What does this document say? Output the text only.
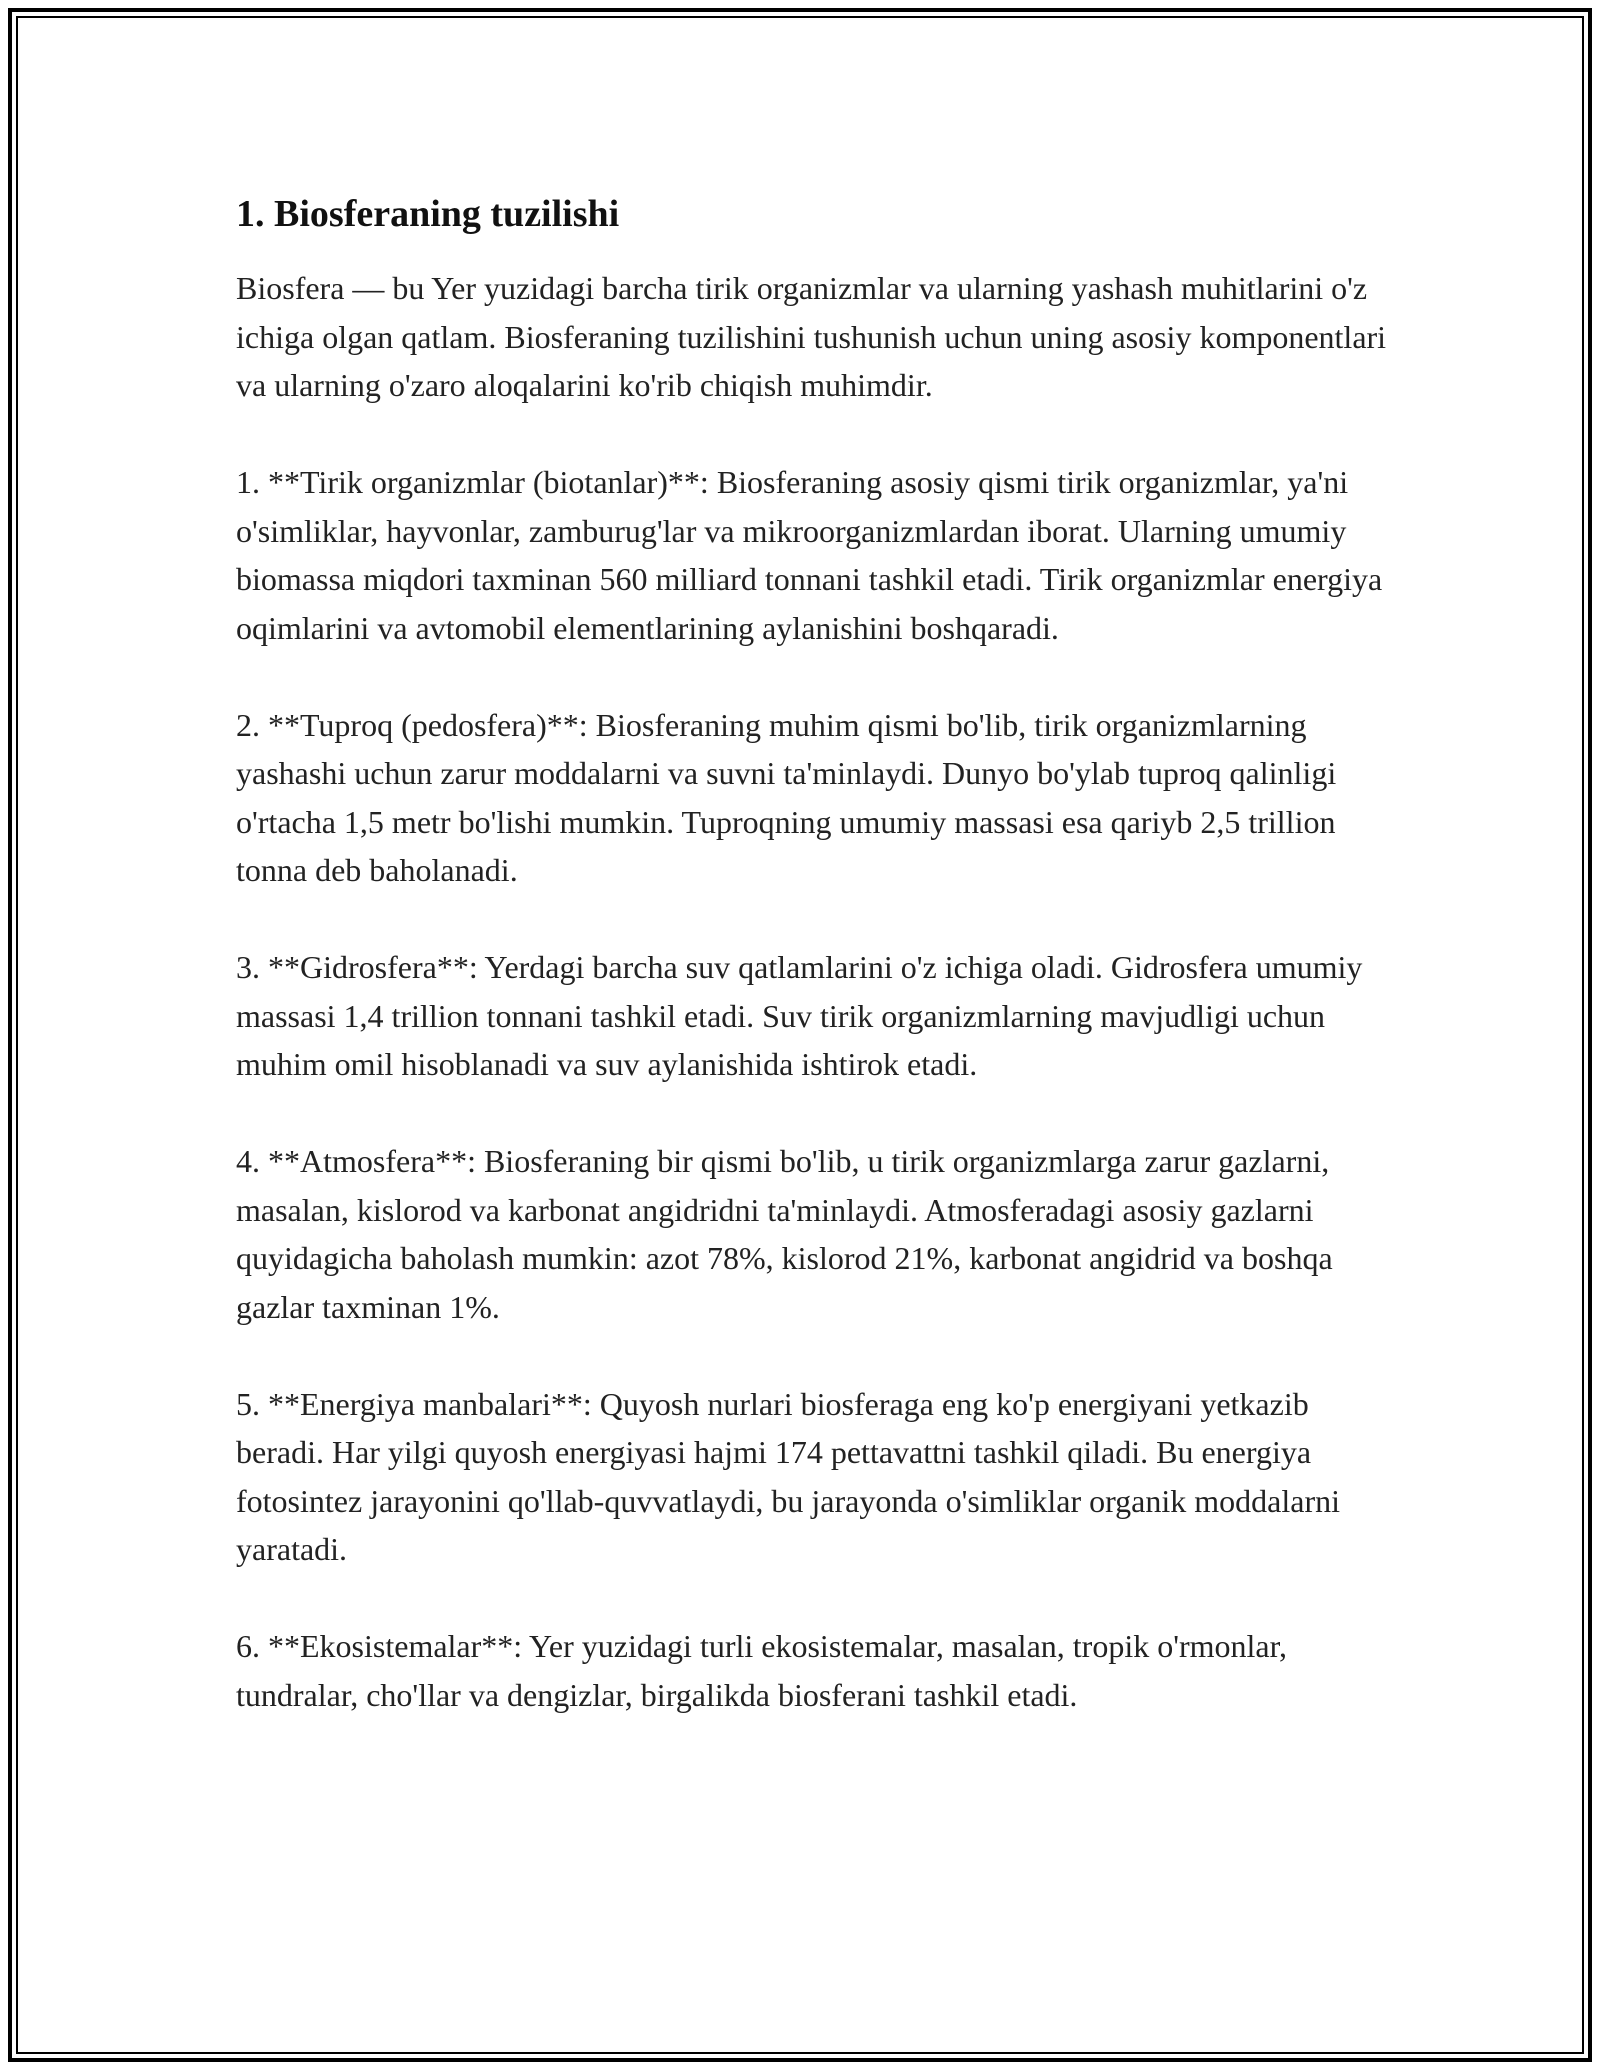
1. Biosferaning tuzilishi

Biosfera — bu Yer yuzidagi barcha tirik organizmlar va ularning yashash muhitlarini o'z ichiga olgan qatlam. Biosferaning tuzilishini tushunish uchun uning asosiy komponentlari va ularning o'zaro aloqalarini ko'rib chiqish muhimdir.

1. **Tirik organizmlar (biotanlar)**: Biosferaning asosiy qismi tirik organizmlar, ya'ni o'simliklar, hayvonlar, zamburug'lar va mikroorganizmlardan iborat. Ularning umumiy biomassa miqdori taxminan 560 milliard tonnani tashkil etadi. Tirik organizmlar energiya oqimlarini va avtomobil elementlarining aylanishini boshqaradi.

2. **Tuproq (pedosfera)**: Biosferaning muhim qismi bo'lib, tirik organizmlarning yashashi uchun zarur moddalarni va suvni ta'minlaydi. Dunyo bo'ylab tuproq qalinligi o'rtacha 1,5 metr bo'lishi mumkin. Tuproqning umumiy massasi esa qariyb 2,5 trillion tonna deb baholanadi.

3. **Gidrosfera**: Yerdagi barcha suv qatlamlarini o'z ichiga oladi. Gidrosfera umumiy massasi 1,4 trillion tonnani tashkil etadi. Suv tirik organizmlarning mavjudligi uchun muhim omil hisoblanadi va suv aylanishida ishtirok etadi.

4. **Atmosfera**: Biosferaning bir qismi bo'lib, u tirik organizmlarga zarur gazlarni, masalan, kislorod va karbonat angidridni ta'minlaydi. Atmosferadagi asosiy gazlarni quyidagicha baholash mumkin: azot 78%, kislorod 21%, karbonat angidrid va boshqa gazlar taxminan 1%.

5. **Energiya manbalari**: Quyosh nurlari biosferaga eng ko'p energiyani yetkazib beradi. Har yilgi quyosh energiyasi hajmi 174 pettavattni tashkil qiladi. Bu energiya fotosintez jarayonini qo'llab-quvvatlaydi, bu jarayonda o'simliklar organik moddalarni yaratadi.

6. **Ekosistemalar**: Yer yuzidagi turli ekosistemalar, masalan, tropik o'rmonlar, tundralar, cho'llar va dengizlar, birgalikda biosferani tashkil etadi.
